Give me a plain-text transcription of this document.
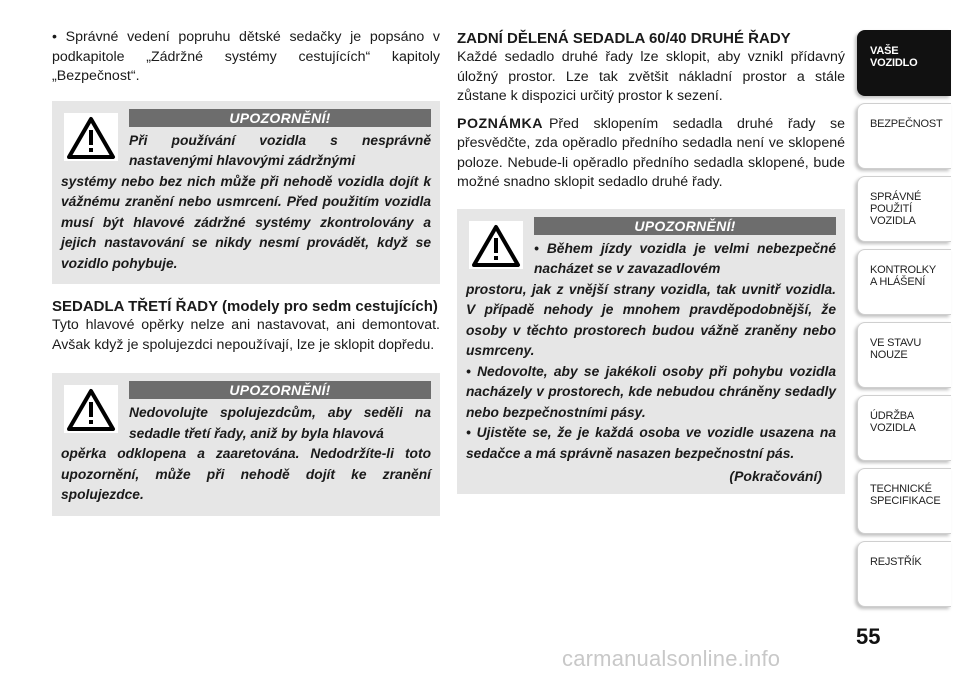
• Správné vedení popruhu dětské sedačky je popsáno v podkapitole „Zádržné systémy cestujících“ kapitoly „Bezpečnost“.

UPOZORNĚNÍ!
Při používání vozidla s nesprávně nastavenými hlavovými zádržnými
systémy nebo bez nich může při nehodě vozidla dojít k vážnému zranění nebo usmrcení. Před použitím vozidla musí být hlavové zádržné systémy zkontrolovány a jejich nastavování se nikdy nesmí provádět, když se vozidlo pohybuje.

SEDADLA TŘETÍ ŘADY (modely pro sedm cestujících)

Tyto hlavové opěrky nelze ani nastavovat, ani demontovat. Avšak když je spolujezdci nepoužívají, lze je sklopit dopředu.

UPOZORNĚNÍ!
Nedovolujte spolujezdcům, aby seděli na sedadle třetí řady, aniž by byla hlavová
opěrka odklopena a zaaretována. Nedodržíte-li toto upozornění, může při nehodě dojít ke zranění spolujezdce.

ZADNÍ DĚLENÁ SEDADLA 60/40 DRUHÉ ŘADY

Každé sedadlo druhé řady lze sklopit, aby vznikl přídavný úložný prostor. Lze tak zvětšit nákladní prostor a stále zůstane k dispozici určitý prostor k sezení.

POZNÁMKA Před sklopením sedadla druhé řady se přesvědčte, zda opěradlo předního sedadla není ve sklopené poloze. Nebude-li opěradlo předního sedadla sklopené, bude možné snadno sklopit sedadlo druhé řady.

UPOZORNĚNÍ!
• Během jízdy vozidla je velmi nebezpečné nacházet se v zavazadlovém
prostoru, jak z vnější strany vozidla, tak uvnitř vozidla. V případě nehody je mnohem pravděpodobnější, že osoby v těchto prostorech budou vážně zraněny nebo usmrceny.
• Nedovolte, aby se jakékoli osoby při pohybu vozidla nacházely v prostorech, kde nebudou chráněny sedadly nebo bezpečnostními pásy.
• Ujistěte se, že je každá osoba ve vozidle usazena na sedačce a má správně nasazen bezpečnostní pás.
(Pokračování)
VAŠE
VOZIDLO
BEZPEČNOST
SPRÁVNÉ
POUŽITÍ
VOZIDLA
KONTROLKY
A HLÁŠENÍ
VE STAVU
NOUZE
ÚDRŽBA
VOZIDLA
TECHNICKÉ
SPECIFIKACE
REJSTŘÍK
55
carmanualsonline.info
